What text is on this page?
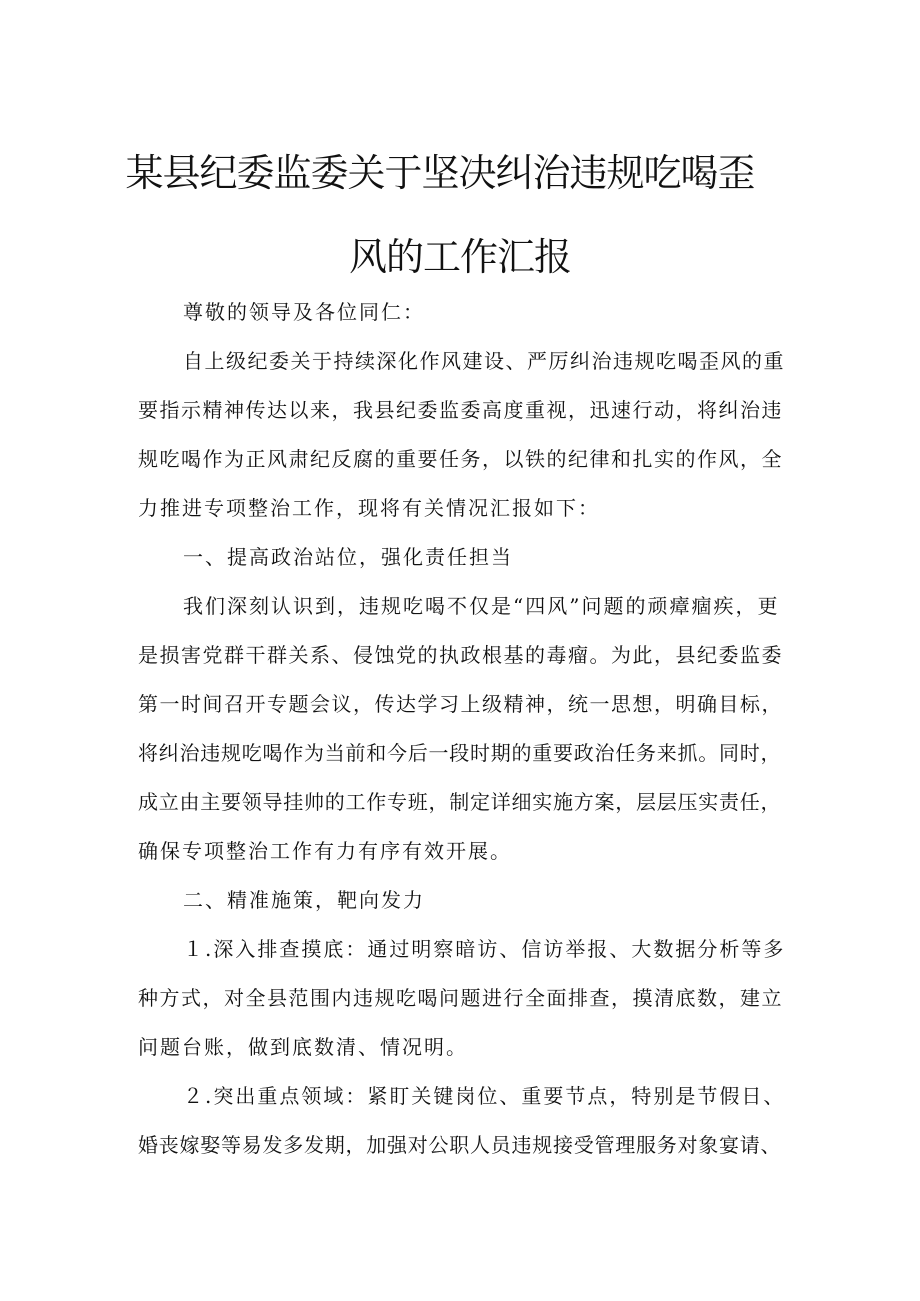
某县纪委监委关于坚决纠治违规吃喝歪
风的工作汇报
尊敬的领导及各位同仁：
自上级纪委关于持续深化作风建设、严厉纠治违规吃喝歪风的重
要指示精神传达以来，我县纪委监委高度重视，迅速行动，将纠治违
规吃喝作为正风肃纪反腐的重要任务，以铁的纪律和扎实的作风，全
力推进专项整治工作，现将有关情况汇报如下：
一、提高政治站位，强化责任担当
我们深刻认识到，违规吃喝不仅是“四风”问题的顽瘴痼疾，更
是损害党群干群关系、侵蚀党的执政根基的毒瘤。为此，县纪委监委
第一时间召开专题会议，传达学习上级精神，统一思想，明确目标，
将纠治违规吃喝作为当前和今后一段时期的重要政治任务来抓。同时，
成立由主要领导挂帅的工作专班，制定详细实施方案，层层压实责任，
确保专项整治工作有力有序有效开展。
二、精准施策，靶向发力
１.深入排查摸底：通过明察暗访、信访举报、大数据分析等多
种方式，对全县范围内违规吃喝问题进行全面排查，摸清底数，建立
问题台账，做到底数清、情况明。
２.突出重点领域：紧盯关键岗位、重要节点，特别是节假日、
婚丧嫁娶等易发多发期，加强对公职人员违规接受管理服务对象宴请、
